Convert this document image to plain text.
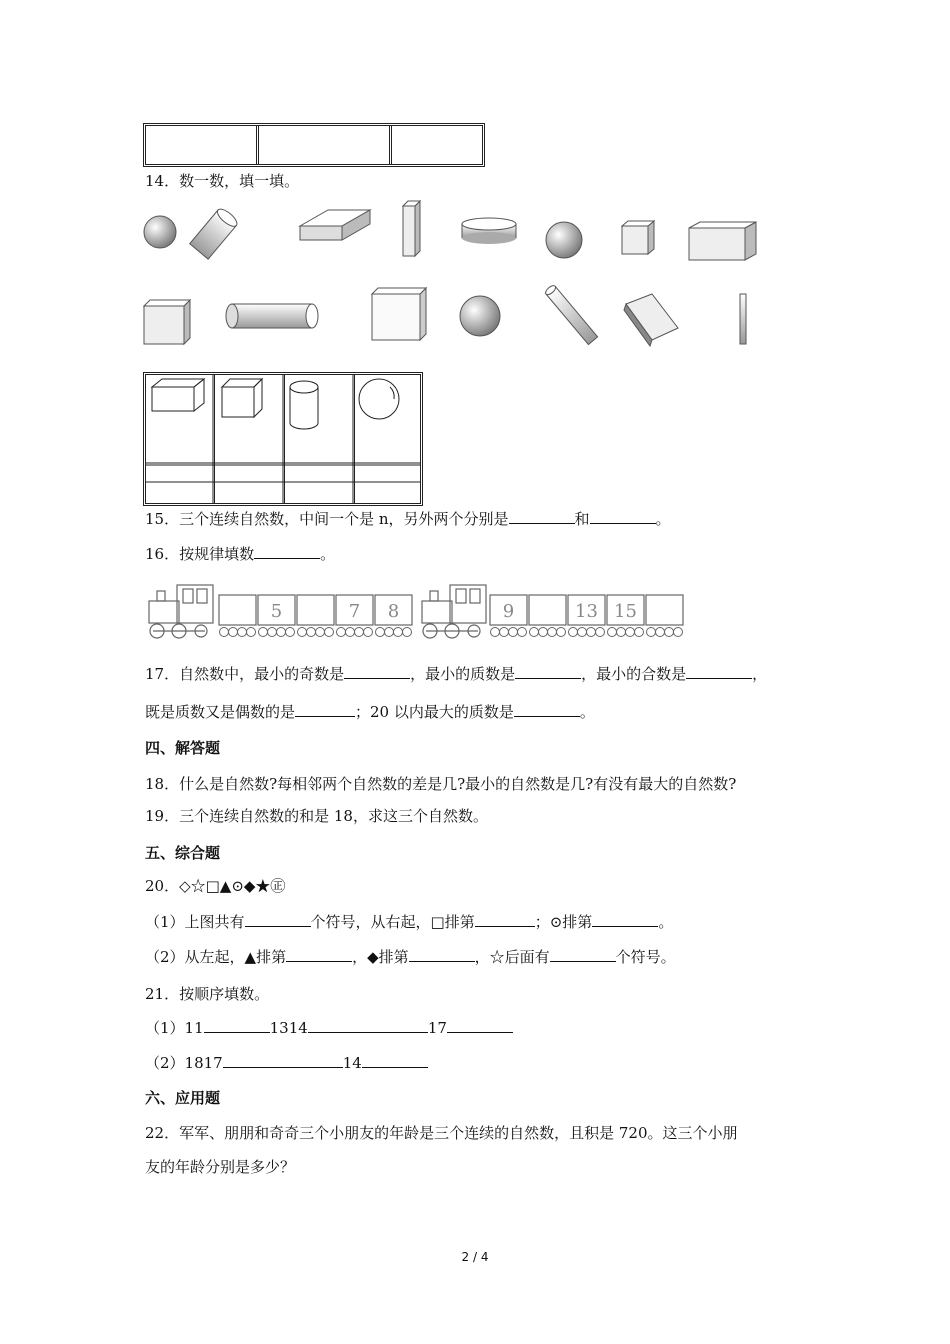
14．数一数，填一填。
15．三个连续自然数，中间一个是 n，另外两个分别是	和	。
16．按规律填数	。
5	7 8	9	13 15
17．自然数中，最小的奇数是	，最小的质数是	，最小的合数是	，
既是质数又是偶数的是	；20 以内最大的质数是	。
四、解答题
18．什么是自然数?每相邻两个自然数的差是几?最小的自然数是几?有没有最大的自然数?
19．三个连续自然数的和是 18，求这三个自然数。
五、综合题
20．◇☆□▲⊙◆★㊣
（1）上图共有	个符号，从右起，□排第	；⊙排第	。
（2）从左起，▲排第	，◆排第	，☆后面有	个符号。
21．按顺序填数。
（1）11	1314	17
（2）1817	14
六、应用题
22．军军、朋朋和奇奇三个小朋友的年龄是三个连续的自然数，且积是 720。这三个小朋
友的年龄分别是多少？
2 / 4
